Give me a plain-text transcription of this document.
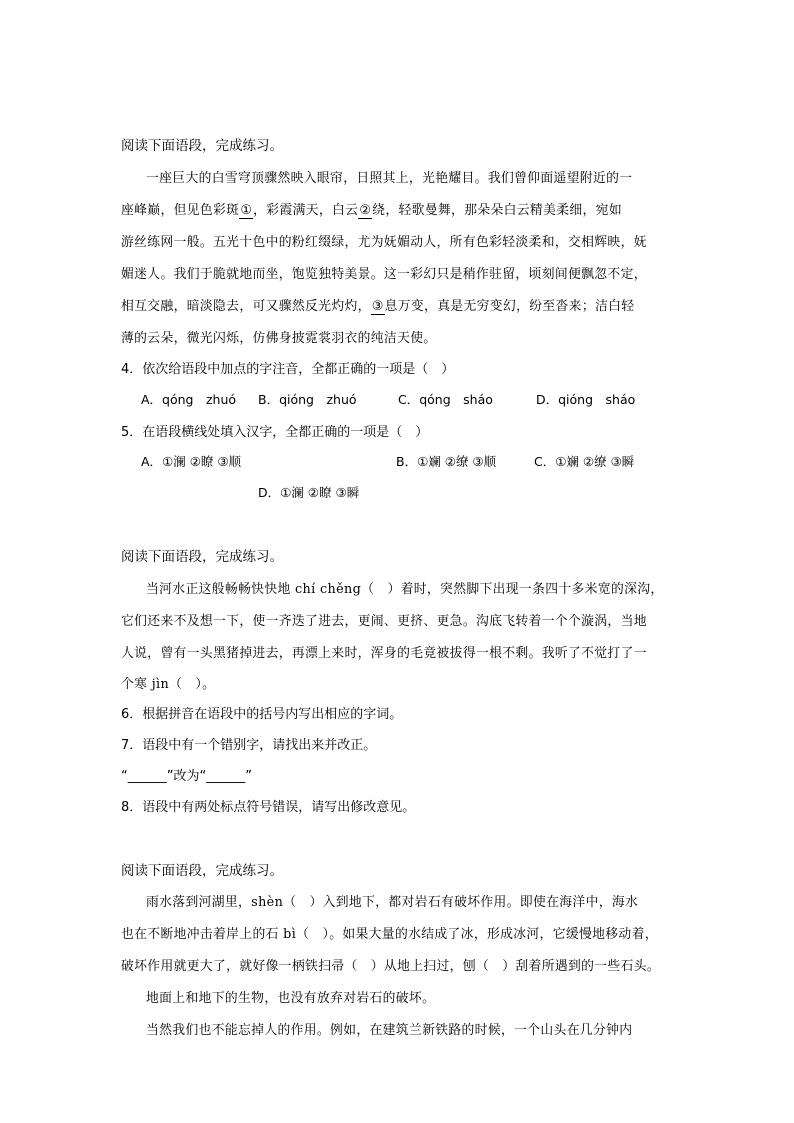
阅读下面语段，完成练习。
一座巨大的白雪穹顶骤然映入眼帘，日照其上，光艳耀目。我们曾仰面遥望附近的一
座峰巅，但见色彩斑①，彩霞满天，白云②绕，轻歌曼舞，那朵朵白云精美柔细，宛如
游丝练网一般。五光十色中的粉红缀绿，尤为妩媚动人，所有色彩轻淡柔和，交相辉映，妩
媚迷人。我们于脆就地而坐，饱览独特美景。这一彩幻只是稍作驻留，顷刻间便飘忽不定，
相互交融，暗淡隐去，可又骤然反光灼灼，③息万变，真是无穷变幻，纷至沓来；洁白轻
薄的云朵，微光闪烁，仿佛身披霓裳羽衣的纯洁天使。
4．依次给语段中加点的字注音，全都正确的一项是（　）
A．qóng　zhuó B．qióng　zhuó	C．qóng　sháo	D．qióng　sháo
5．在语段横线处填入汉字，全都正确的一项是（　）
A．①澜 ②瞭 ③顺	B．①斓 ②缭 ③顺	C．①斓 ②缭 ③瞬
D．①澜 ②瞭 ③瞬
阅读下面语段，完成练习。
当河水正这般畅畅快快地 chí chěng（　）着时，突然脚下出现一条四十多米宽的深沟，
它们还来不及想一下，使一齐迭了进去，更闹、更挤、更急。沟底飞转着一个个漩涡，当地
人说，曾有一头黑猪掉进去，再漂上来时，浑身的毛竟被拔得一根不剩。我听了不觉打了一
个寒 jìn（　）。
6．根据拼音在语段中的括号内写出相应的字词。
7．语段中有一个错别字，请找出来并改正。
“______”改为“______”
8．语段中有两处标点符号错误，请写出修改意见。
阅读下面语段，完成练习。
雨水落到河湖里，shèn（　）入到地下，都对岩石有破坏作用。即使在海洋中，海水
也在不断地冲击着岸上的石 bì（　）。如果大量的水结成了冰，形成冰河，它缓慢地移动着，
破坏作用就更大了，就好像一柄铁扫帚（　）从地上扫过，刨（　）刮着所遇到的一些石头。
地面上和地下的生物，也没有放弃对岩石的破坏。
当然我们也不能忘掉人的作用。例如，在建筑兰新铁路的时候，一个山头在几分钟内
